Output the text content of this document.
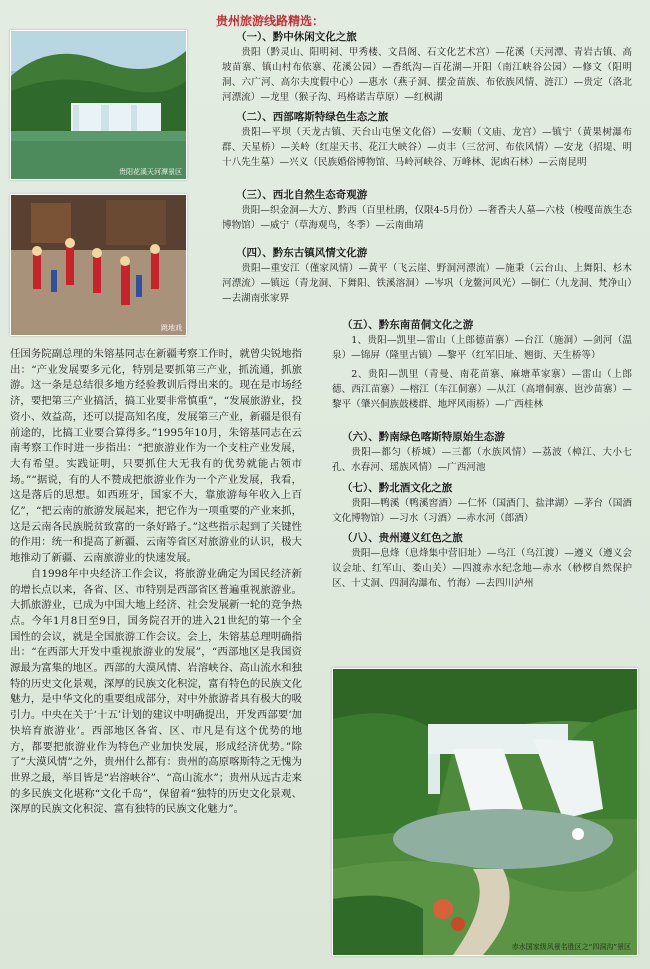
贵阳花溪天河潭景区
跳地戏
贵州旅游线路精选：
（一）、黔中休闲文化之旅
贵阳（黔灵山、阳明祠、甲秀楼、文昌阁、石文化艺术宫）—花溪（天河潭、青岩古镇、高坡苗寨、镇山村布依寨、花溪公园）—香纸沟—百花湖—开阳（南江峡谷公园）—修文（阳明洞、六广河、高尔夫度假中心）—惠水（燕子洞、摆金苗族、布依族风情、涟江）—贵定（洛北河漂流）—龙里（猴子沟、玛格诺吉草原）—红枫湖
（二）、西部喀斯特绿色生态之旅
贵阳—平坝（天龙古镇、天台山屯堡文化俗）—安顺（文庙、龙宫）—镇宁（黄果树瀑布群、天星桥）—关岭（红崖天书、花江大峡谷）—贞丰（三岔河、布依风情）—安龙（招堤、明十八先生墓）—兴义（民族婚俗博物馆、马岭河峡谷、万峰林、泥凼石林）—云南昆明
（三）、西北自然生态奇观游
贵阳—织金洞—大方、黔西（百里杜鹃，仅限4-5月份）—奢香夫人墓—六枝（梭嘎苗族生态博物馆）—威宁（草海观鸟，冬季）—云南曲靖
（四）、黔东古镇风情文化游
贵阳—重安江（僅家风情）—黄平（飞云崖、野洞河漂流）—施秉（云台山、上舞阳、杉木河漂流）—镇远（青龙洞、下舞阳、铁溪溶洞）—岑巩（龙鳌河风光）—铜仁（九龙洞、梵净山）—去湖南张家界
（五）、黔东南苗侗文化之游
1、贵阳—凯里—雷山（上郎德苗寨）—台江（施洞）—剑河（温泉）—锦屏（隆里古镇）—黎平（红军旧址、翘街、天生桥等）
2、贵阳—凯里（青曼、南花苗寨、麻塘革家寨）—雷山（上郎德、西江苗寨）—榕江（车江侗寨）—从江（高增侗寨、岜沙苗寨）—黎平（肇兴侗族鼓楼群、地坪风雨桥）—广西桂林
（六）、黔南绿色喀斯特原始生态游
贵阳—都匀（桥城）—三都（水族风情）—荔波（樟江、大小七孔、水春河、瑶族风情）—广西河池
（七）、黔北酒文化之旅
贵阳—鸭溪（鸭溪窖酒）—仁怀（国酒门、盐津湖）—茅台（国酒文化博物馆）—习水（习酒）—赤水河（郎酒）
（八）、贵州遵义红色之旅
贵阳—息烽（息烽集中营旧址）—乌江（乌江渡）—遵义（遵义会议会址、红军山、娄山关）—四渡赤水纪念地—赤水（桫椤自然保护区、十丈洞、四洞沟瀑布、竹海）—去四川泸州

任国务院副总理的朱镕基同志在新疆考察工作时，就曾尖锐地指出：“产业发展要多元化，特别是要抓第三产业，抓流通，抓旅游。这一条是总结很多地方经验教训后得出来的。现在是市场经济，要把第三产业搞活，搞工业要非常慎重”，“发展旅游业，投资小、效益高，还可以提高知名度，发展第三产业，新疆是很有前途的，比搞工业要合算得多。”1995年10月，朱镕基同志在云南考察工作时进一步指出：“把旅游业作为一个支柱产业发展，大有希望。实践证明，只要抓住大无我有的优势就能占领市场。”“据说，有的人不赞成把旅游业作为一个产业发展，我看，这是落后的思想。如西班牙，国家不大，靠旅游每年收入上百亿”，“把云南的旅游发展起来，把它作为一项重要的产业来抓，这是云南各民族脱贫致富的一条好路子。”这些指示起到了关键性的作用：统一和提高了新疆、云南等省区对旅游业的认识，极大地推动了新疆、云南旅游业的快速发展。

自1998年中央经济工作会议，将旅游业确定为国民经济新的增长点以来，各省、区、市特别是西部省区普遍重视旅游业。大抓旅游业，已成为中国大地上经济、社会发展新一轮的竞争热点。今年1月8日至9日，国务院召开的进入21世纪的第一个全国性的会议，就是全国旅游工作会议。会上，朱镕基总理明确指出：“在西部大开发中重视旅游业的发展”，“西部地区是我国资源最为富集的地区。西部的大漠风情、岩溶峡谷、高山流水和独特的历史文化景观，深厚的民族文化积淀，富有特色的民族文化魅力，是中华文化的重要组成部分，对中外旅游者具有极大的吸引力。中央在关于‘十五’计划的建议中明确提出，开发西部要‘加快培育旅游业’。西部地区各省、区、市凡是有这个优势的地方，都要把旅游业作为特色产业加快发展，形成经济优势。”除了“大漠风情”之外，贵州什么都有：贵州的高原喀斯特之无愧为世界之最，举目皆是“岩溶峡谷”、“高山流水”；贵州从远古走来的多民族文化堪称“文化千岛”，保留着“独特的历史文化景观、深厚的民族文化积淀、富有独特的民族文化魅力”。

赤水国家级风景名胜区之“四洞沟”景区
